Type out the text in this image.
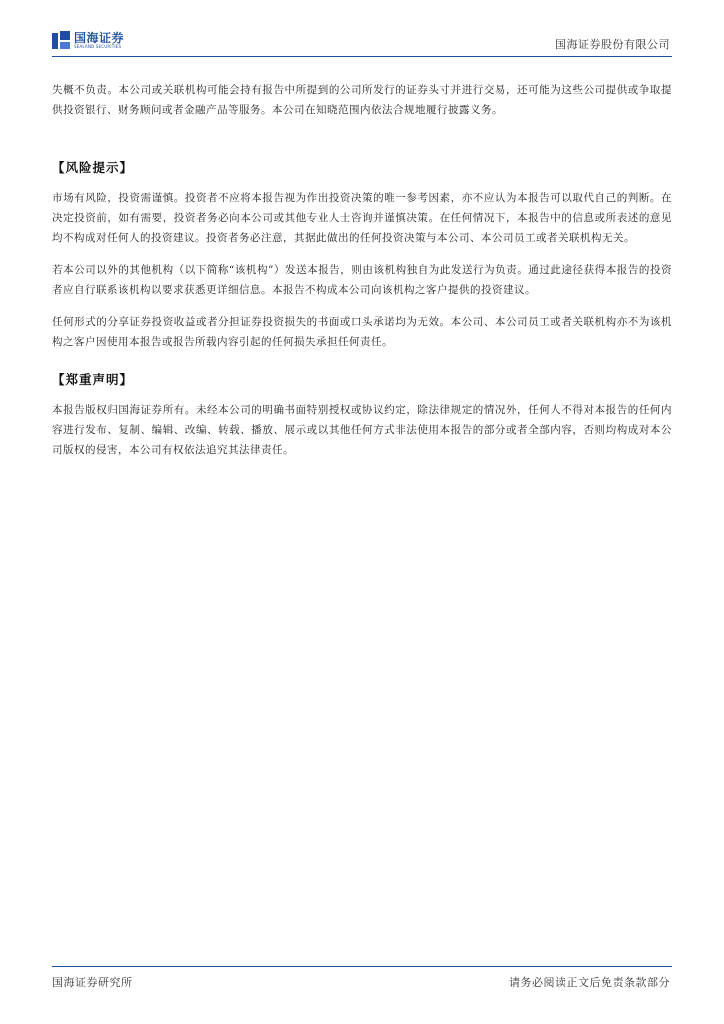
国海证券
SEALAND SECURITIES	国海证券股份有限公司

失概不负责。本公司或关联机构可能会持有报告中所提到的公司所发行的证券头寸并进行交易，还可能为这些公司提供或争取提供投资银行、财务顾问或者金融产品等服务。本公司在知晓范围内依法合规地履行披露义务。

【风险提示】

市场有风险，投资需谨慎。投资者不应将本报告视为作出投资决策的唯一参考因素，亦不应认为本报告可以取代自己的判断。在决定投资前，如有需要，投资者务必向本公司或其他专业人士咨询并谨慎决策。在任何情况下，本报告中的信息或所表述的意见均不构成对任何人的投资建议。投资者务必注意，其据此做出的任何投资决策与本公司、本公司员工或者关联机构无关。

若本公司以外的其他机构（以下简称“该机构”）发送本报告，则由该机构独自为此发送行为负责。通过此途径获得本报告的投资者应自行联系该机构以要求获悉更详细信息。本报告不构成本公司向该机构之客户提供的投资建议。

任何形式的分享证券投资收益或者分担证券投资损失的书面或口头承诺均为无效。本公司、本公司员工或者关联机构亦不为该机构之客户因使用本报告或报告所载内容引起的任何损失承担任何责任。

【郑重声明】

本报告版权归国海证券所有。未经本公司的明确书面特别授权或协议约定，除法律规定的情况外，任何人不得对本报告的任何内容进行发布、复制、编辑、改编、转载、播放、展示或以其他任何方式非法使用本报告的部分或者全部内容，否则均构成对本公司版权的侵害，本公司有权依法追究其法律责任。

国海证券研究所	请务必阅读正文后免责条款部分
